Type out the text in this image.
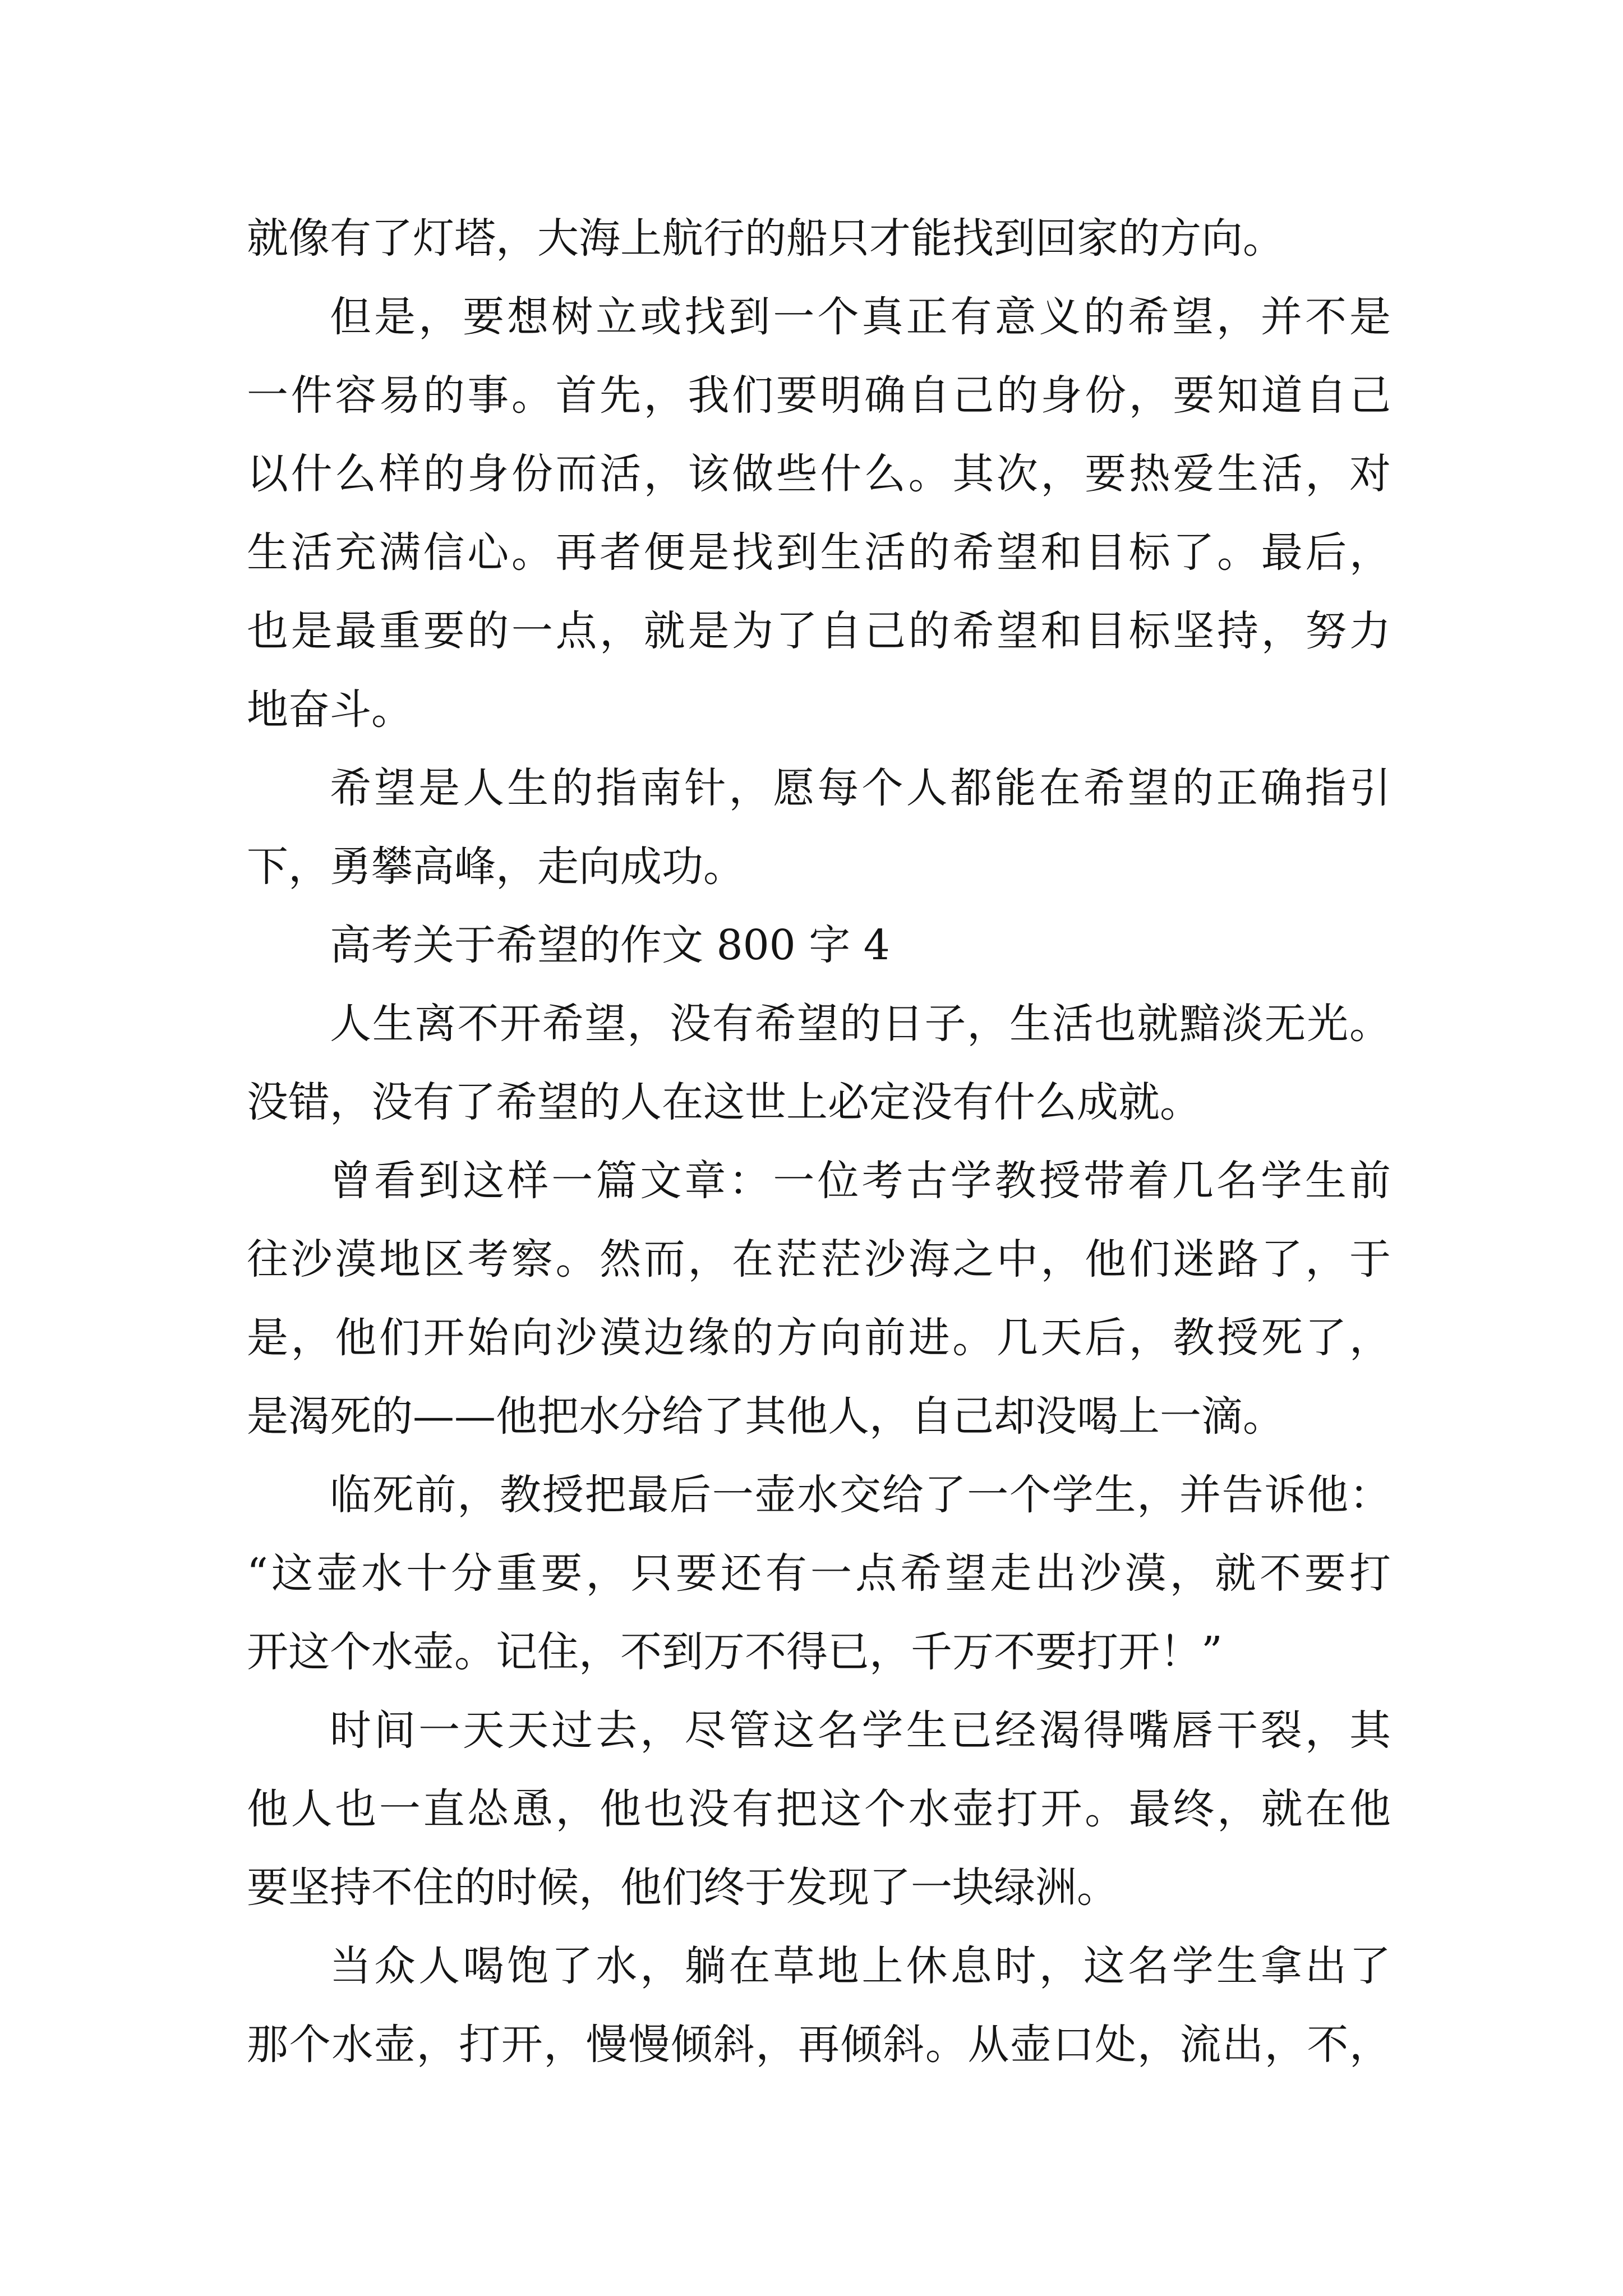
就像有了灯塔，大海上航行的船只才能找到回家的方向。
但是，要想树立或找到一个真正有意义的希望，并不是
一件容易的事。首先，我们要明确自己的身份，要知道自己
以什么样的身份而活，该做些什么。其次，要热爱生活，对
生活充满信心。再者便是找到生活的希望和目标了。最后，
也是最重要的一点，就是为了自己的希望和目标坚持，努力
地奋斗。
希望是人生的指南针，愿每个人都能在希望的正确指引
下，勇攀高峰，走向成功。
高考关于希望的作文 800 字 4
人生离不开希望，没有希望的日子，生活也就黯淡无光。
没错，没有了希望的人在这世上必定没有什么成就。
曾看到这样一篇文章：一位考古学教授带着几名学生前
往沙漠地区考察。然而，在茫茫沙海之中，他们迷路了，于
是，他们开始向沙漠边缘的方向前进。几天后，教授死了，
是渴死的——他把水分给了其他人，自己却没喝上一滴。
临死前，教授把最后一壶水交给了一个学生，并告诉他：
“这壶水十分重要，只要还有一点希望走出沙漠，就不要打
开这个水壶。记住，不到万不得已，千万不要打开！”
时间一天天过去，尽管这名学生已经渴得嘴唇干裂，其
他人也一直怂恿，他也没有把这个水壶打开。最终，就在他
要坚持不住的时候，他们终于发现了一块绿洲。
当众人喝饱了水，躺在草地上休息时，这名学生拿出了
那个水壶，打开，慢慢倾斜，再倾斜。从壶口处，流出，不，
